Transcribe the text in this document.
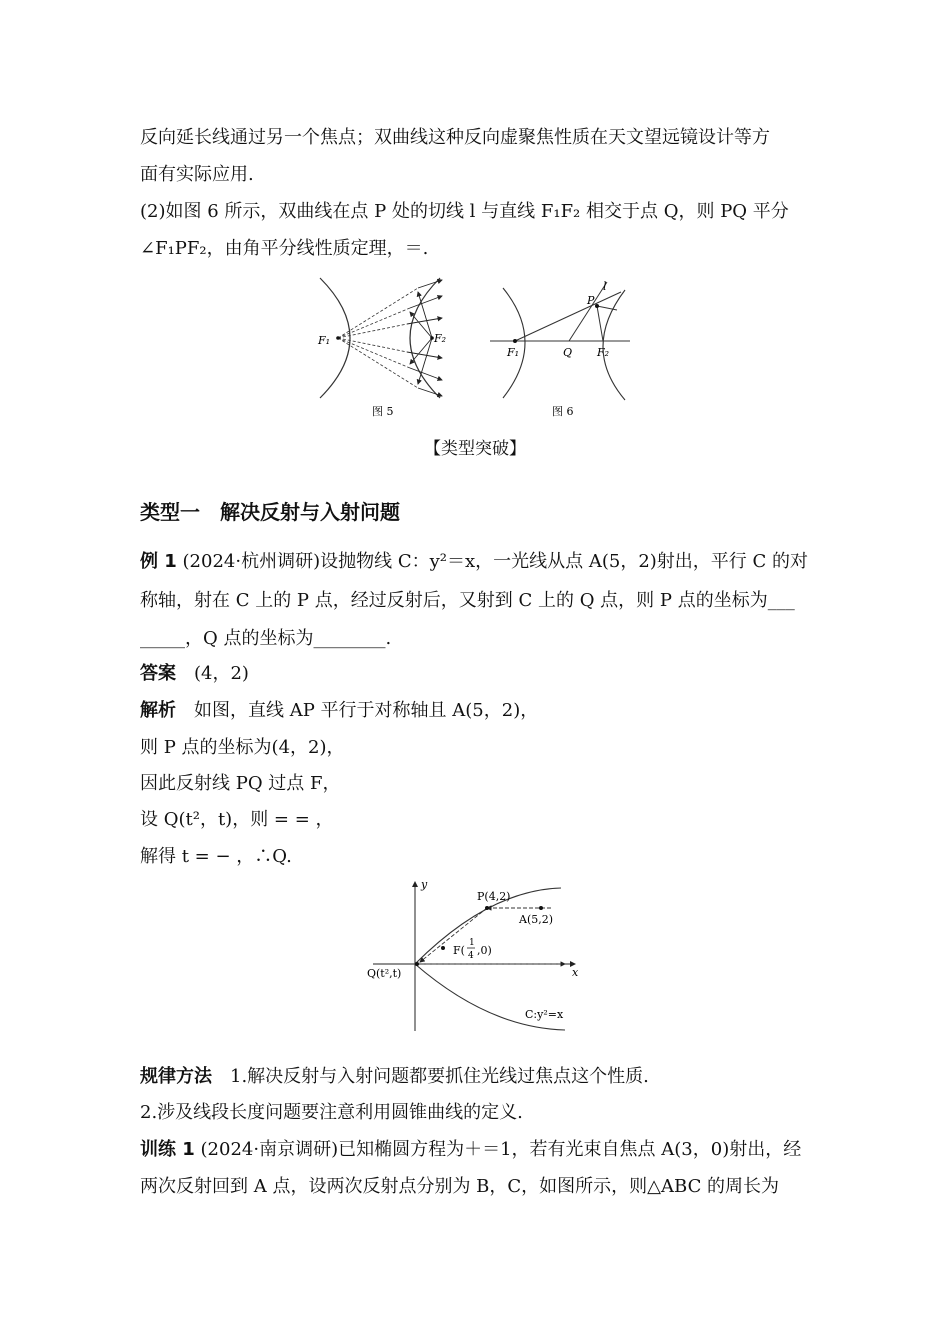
反向延长线通过另一个焦点；双曲线这种反向虚聚焦性质在天文望远镜设计等方
面有实际应用.
(2)如图 6 所示，双曲线在点 P 处的切线 l 与直线 F₁F₂ 相交于点 Q，则 PQ 平分
∠F₁PF₂，由角平分线性质定理，＝.
F₁	F₂
图 5
l
P
F₁	Q F₂
图 6
【类型突破】
类型一　解决反射与入射问题
例 1 (2024·杭州调研)设抛物线 C：y²＝x，一光线从点 A(5，2)射出，平行 C 的对
称轴，射在 C 上的 P 点，经过反射后，又射到 C 上的 Q 点，则 P 点的坐标为___
_____，Q 点的坐标为________.
答案　 (4，2)
解析　 如图，直线 AP 平行于对称轴且 A(5，2)，
则 P 点的坐标为(4，2)，
因此反射线 PQ 过点 F，
设 Q(t²，t)，则 = = ，
解得 t = − ，∴Q.
y
x
P(4,2)
A(5,2)
F(
1
4 ,0)
Q(t²,t)
C:y²=x
规律方法　 1.解决反射与入射问题都要抓住光线过焦点这个性质.
2.涉及线段长度问题要注意利用圆锥曲线的定义.
训练 1 (2024·南京调研)已知椭圆方程为＋＝1，若有光束自焦点 A(3，0)射出，经
两次反射回到 A 点，设两次反射点分别为 B，C，如图所示，则△ABC 的周长为
